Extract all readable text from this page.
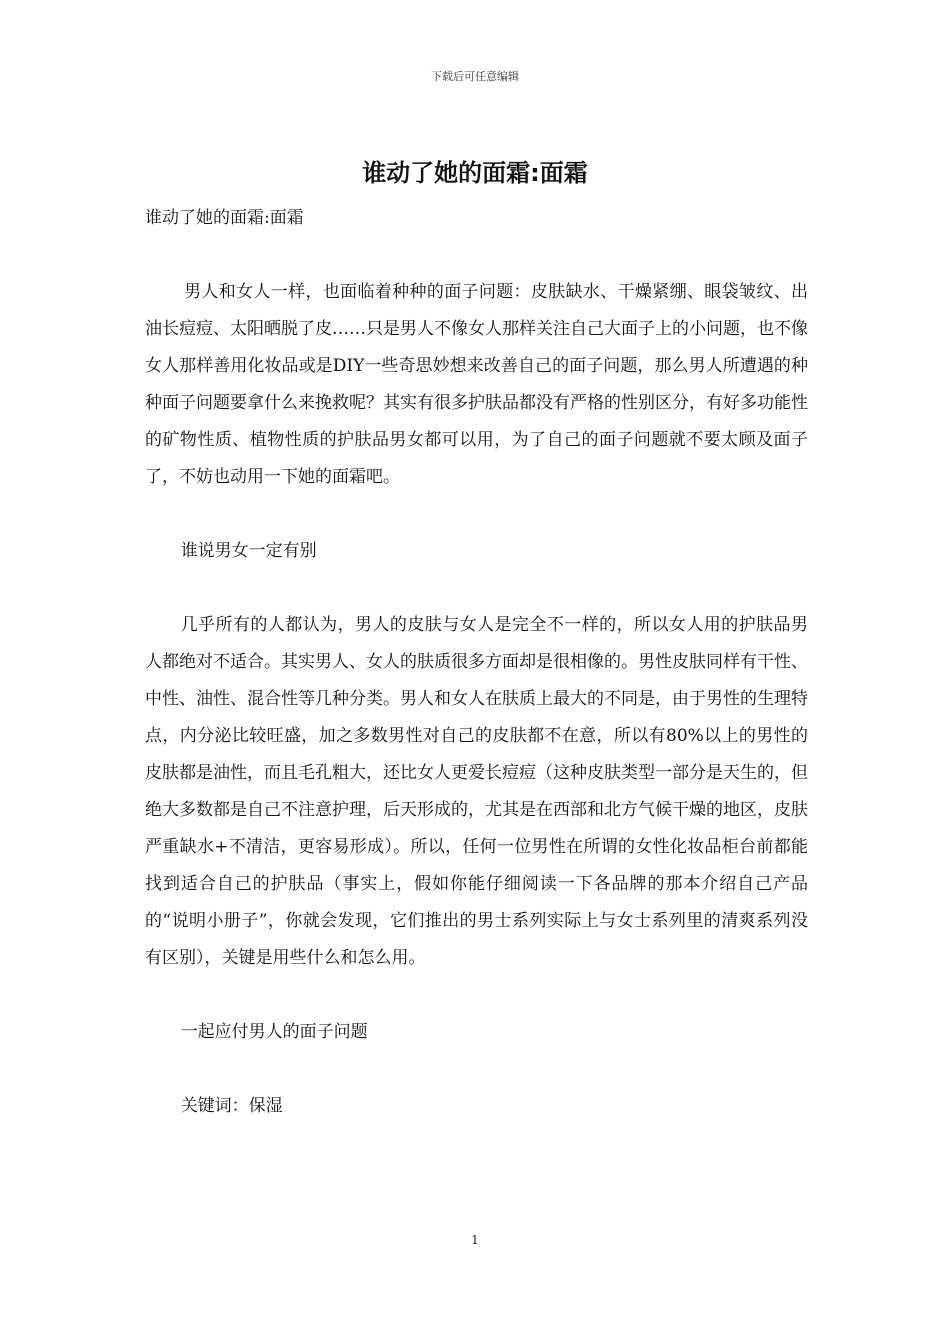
下载后可任意编辑
谁动了她的面霜:面霜

谁动了她的面霜:面霜

男人和女人一样，也面临着种种的面子问题：皮肤缺水、干燥紧绷、眼袋皱纹、出油长痘痘、太阳晒脱了皮……只是男人不像女人那样关注自己大面子上的小问题，也不像女人那样善用化妆品或是DIY一些奇思妙想来改善自己的面子问题，那么男人所遭遇的种种面子问题要拿什么来挽救呢？其实有很多护肤品都没有严格的性别区分，有好多功能性的矿物性质、植物性质的护肤品男女都可以用，为了自己的面子问题就不要太顾及面子了，不妨也动用一下她的面霜吧。

谁说男女一定有别

几乎所有的人都认为，男人的皮肤与女人是完全不一样的，所以女人用的护肤品男人都绝对不适合。其实男人、女人的肤质很多方面却是很相像的。男性皮肤同样有干性、中性、油性、混合性等几种分类。男人和女人在肤质上最大的不同是，由于男性的生理特点，内分泌比较旺盛，加之多数男性对自己的皮肤都不在意，所以有80%以上的男性的皮肤都是油性，而且毛孔粗大，还比女人更爱长痘痘（这种皮肤类型一部分是天生的，但绝大多数都是自己不注意护理，后天形成的，尤其是在西部和北方气候干燥的地区，皮肤严重缺水+不清洁，更容易形成）。所以，任何一位男性在所谓的女性化妆品柜台前都能找到适合自己的护肤品（事实上，假如你能仔细阅读一下各品牌的那本介绍自己产品的“说明小册子”，你就会发现，它们推出的男士系列实际上与女士系列里的清爽系列没有区别），关键是用些什么和怎么用。

一起应付男人的面子问题

关键词：保湿

1
